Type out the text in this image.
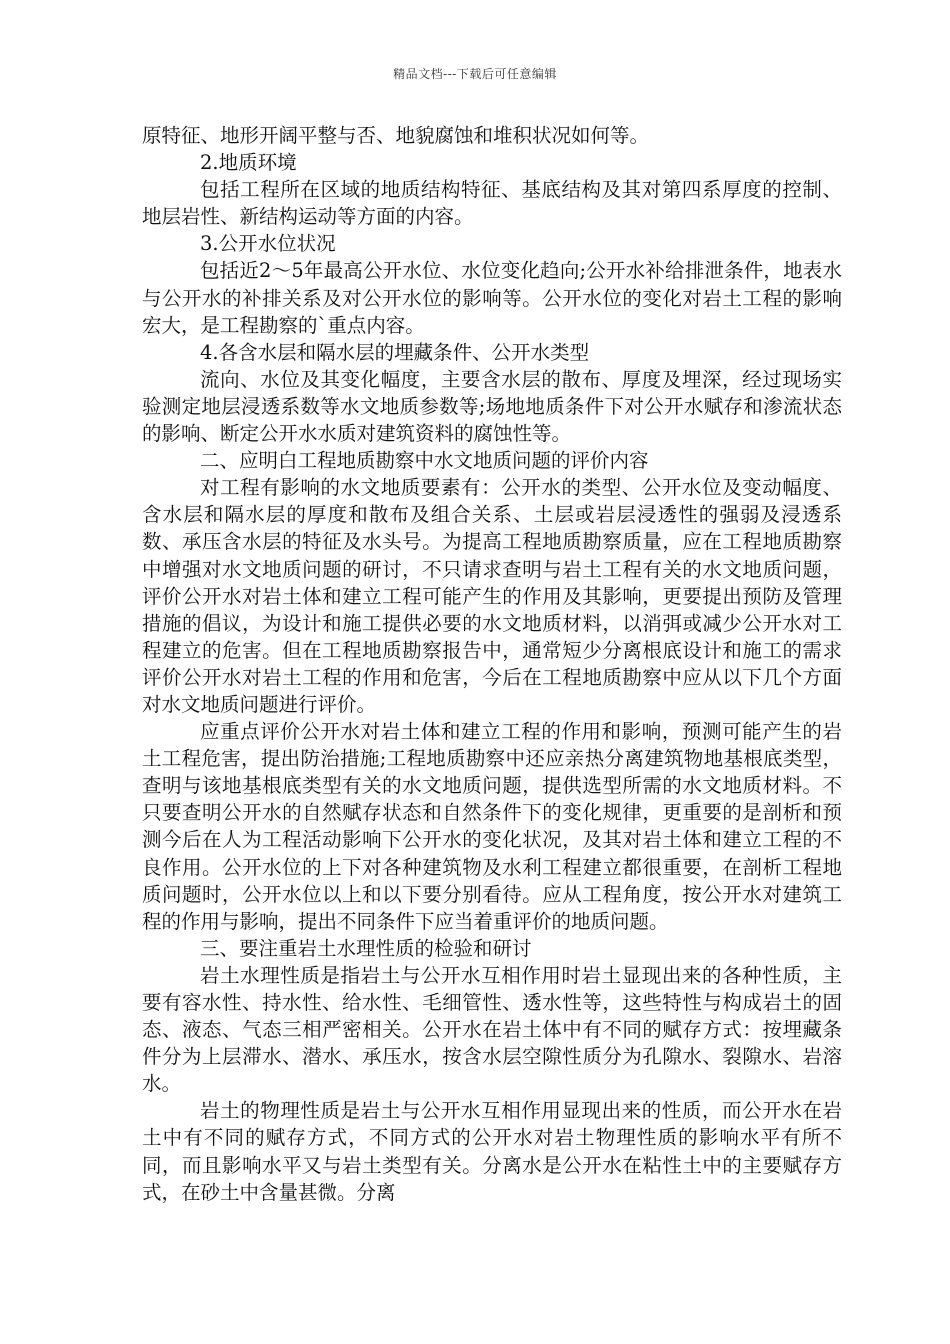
精品文档---下载后可任意编辑

原特征、地形开阔平整与否、地貌腐蚀和堆积状况如何等。

2.地质环境

包括工程所在区域的地质结构特征、基底结构及其对第四系厚度的控制、地层岩性、新结构运动等方面的内容。

3.公开水位状况

包括近2～5年最高公开水位、水位变化趋向;公开水补给排泄条件，地表水与公开水的补排关系及对公开水位的影响等。公开水位的变化对岩土工程的影响宏大，是工程勘察的`重点内容。

4.各含水层和隔水层的埋藏条件、公开水类型

流向、水位及其变化幅度，主要含水层的散布、厚度及埋深，经过现场实验测定地层浸透系数等水文地质参数等;场地地质条件下对公开水赋存和渗流状态的影响、断定公开水水质对建筑资料的腐蚀性等。

二、应明白工程地质勘察中水文地质问题的评价内容

对工程有影响的水文地质要素有：公开水的类型、公开水位及变动幅度、含水层和隔水层的厚度和散布及组合关系、土层或岩层浸透性的强弱及浸透系数、承压含水层的特征及水头号。为提高工程地质勘察质量，应在工程地质勘察中增强对水文地质问题的研讨，不只请求查明与岩土工程有关的水文地质问题，评价公开水对岩土体和建立工程可能产生的作用及其影响，更要提出预防及管理措施的倡议，为设计和施工提供必要的水文地质材料，以消弭或减少公开水对工程建立的危害。但在工程地质勘察报告中，通常短少分离根底设计和施工的需求评价公开水对岩土工程的作用和危害，今后在工程地质勘察中应从以下几个方面对水文地质问题进行评价。

应重点评价公开水对岩土体和建立工程的作用和影响，预测可能产生的岩土工程危害，提出防治措施;工程地质勘察中还应亲热分离建筑物地基根底类型，查明与该地基根底类型有关的水文地质问题，提供选型所需的水文地质材料。不只要查明公开水的自然赋存状态和自然条件下的变化规律，更重要的是剖析和预测今后在人为工程活动影响下公开水的变化状况，及其对岩土体和建立工程的不良作用。公开水位的上下对各种建筑物及水利工程建立都很重要，在剖析工程地质问题时，公开水位以上和以下要分别看待。应从工程角度，按公开水对建筑工程的作用与影响，提出不同条件下应当着重评价的地质问题。

三、要注重岩土水理性质的检验和研讨

岩土水理性质是指岩土与公开水互相作用时岩土显现出来的各种性质，主要有容水性、持水性、给水性、毛细管性、透水性等，这些特性与构成岩土的固态、液态、气态三相严密相关。公开水在岩土体中有不同的赋存方式：按埋藏条件分为上层滞水、潜水、承压水，按含水层空隙性质分为孔隙水、裂隙水、岩溶水。

岩土的物理性质是岩土与公开水互相作用显现出来的性质，而公开水在岩土中有不同的赋存方式，不同方式的公开水对岩土物理性质的影响水平有所不同，而且影响水平又与岩土类型有关。分离水是公开水在粘性土中的主要赋存方式，在砂土中含量甚微。分离
